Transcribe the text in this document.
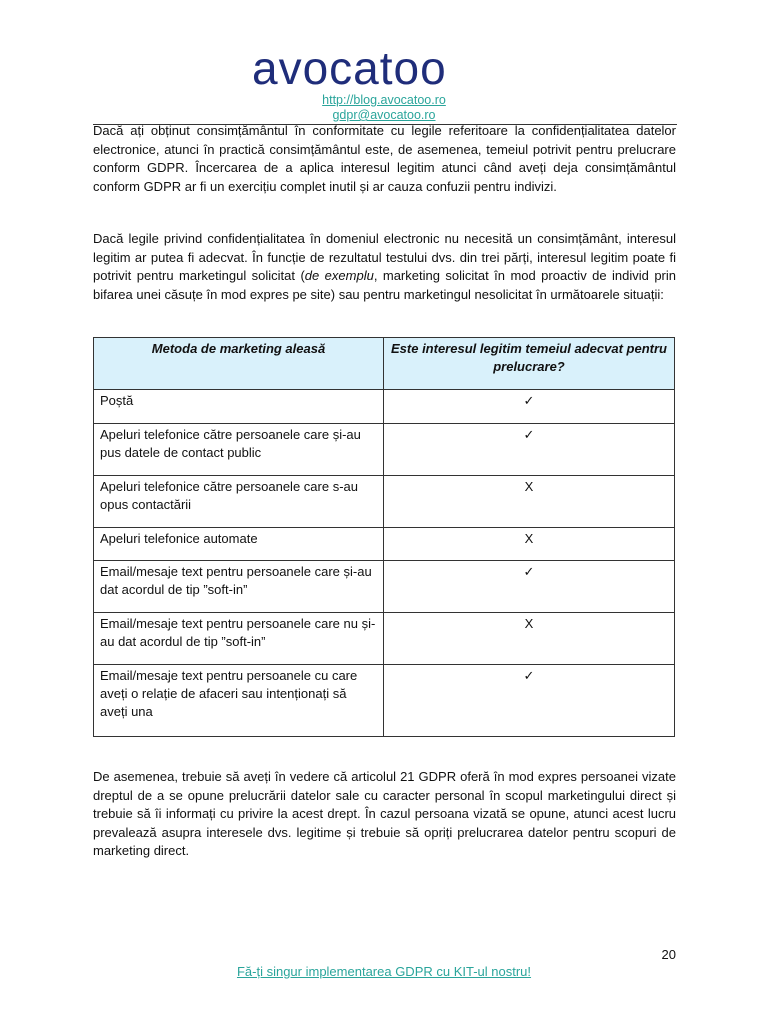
avocatoo
http://blog.avocatoo.ro
gdpr@avocatoo.ro

Dacă ați obținut consimțământul în conformitate cu legile referitoare la confidențialitatea datelor electronice, atunci în practică consimțământul este, de asemenea, temeiul potrivit pentru prelucrare conform GDPR. Încercarea de a aplica interesul legitim atunci când aveți deja consimțământul conform GDPR ar fi un exercițiu complet inutil și ar cauza confuzii pentru indivizi.

Dacă legile privind confidențialitatea în domeniul electronic nu necesită un consimțământ, interesul legitim ar putea fi adecvat. În funcție de rezultatul testului dvs. din trei părți, interesul legitim poate fi potrivit pentru marketingul solicitat (de exemplu, marketing solicitat în mod proactiv de individ prin bifarea unei căsuțe în mod expres pe site) sau pentru marketingul nesolicitat în următoarele situații:

Metoda de marketing aleasă	Este interesul legitim temeiul adecvat pentru prelucrare?
Poștă	✓
Apeluri telefonice către persoanele care și-au pus datele de contact public	✓
Apeluri telefonice către persoanele care s-au opus contactării	X
Apeluri telefonice automate	X
Email/mesaje text pentru persoanele care și-au dat acordul de tip ”soft-in”	✓
Email/mesaje text pentru persoanele care nu și-au dat acordul de tip ”soft-in”	X
Email/mesaje text pentru persoanele cu care aveți o relație de afaceri sau intenționați să aveți una	✓

De asemenea, trebuie să aveți în vedere că articolul 21 GDPR oferă în mod expres persoanei vizate dreptul de a se opune prelucrării datelor sale cu caracter personal în scopul marketingului direct și trebuie să îi informați cu privire la acest drept. În cazul persoana vizată se opune, atunci acest lucru prevalează asupra interesele dvs. legitime și trebuie să opriți prelucrarea datelor pentru scopuri de marketing direct.

20
Fă-ți singur implementarea GDPR cu KIT-ul nostru!
